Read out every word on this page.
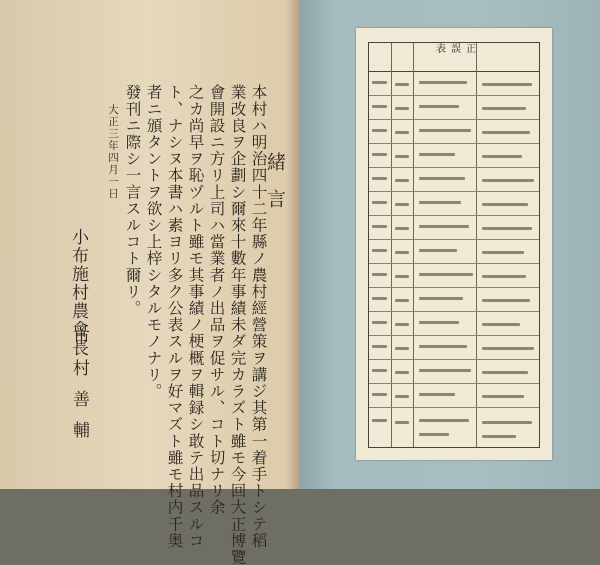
緒言
本村ハ明治四十二年縣ノ農村經營策ヲ講ジ其第一着手トシテ稻
業改良ヲ企劃シ爾來十數年事績未ダ完カラズト雖モ今回大正博覽
會開設ニ方リ上司ハ當業者ノ出品ヲ促サル、コト切ナリ余
之カ尚早ヲ恥ヅルト雖モ其事績ノ梗概ヲ輯録シ敢テ出品スルコ
ト、ナシヌ本書ハ素ヨリ多ク公表スルヲ好マズト雖モ村内千奥
者ニ頒タントヲ欲シ上梓シタルモノナリ。
發刊ニ際シ一言スルコト爾リ。
大正三年四月一日
小布施村農會長
市村善輔
正誤表
